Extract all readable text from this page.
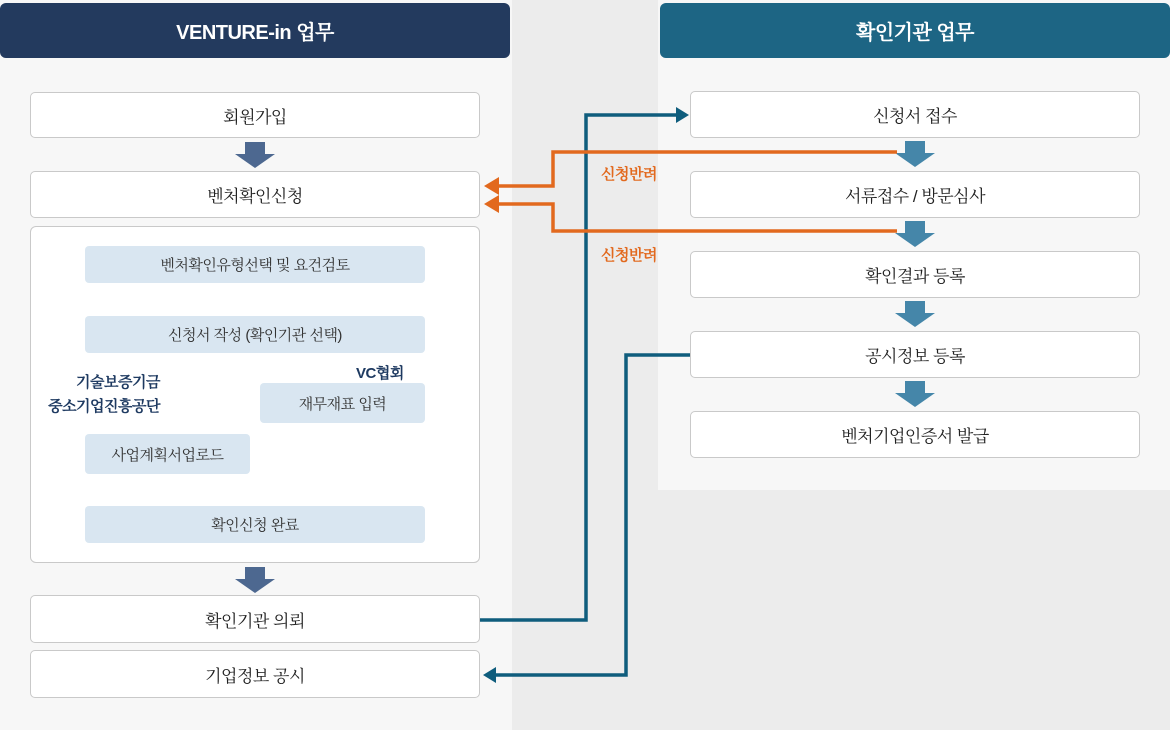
VENTURE-in 업무	확인기관 업무
회원가입
벤처확인신청
벤처확인유형선택 및 요건검토
신청서 작성 (확인기관 선택)
기술보증기금
중소기업진흥공단
VC협회
재무재표 입력
사업계획서업로드
확인신청 완료
확인기관 의뢰
기업정보 공시
신청서 접수
서류접수 / 방문심사
확인결과 등록
공시정보 등록
벤처기업인증서 발급
신청반려
신청반려
